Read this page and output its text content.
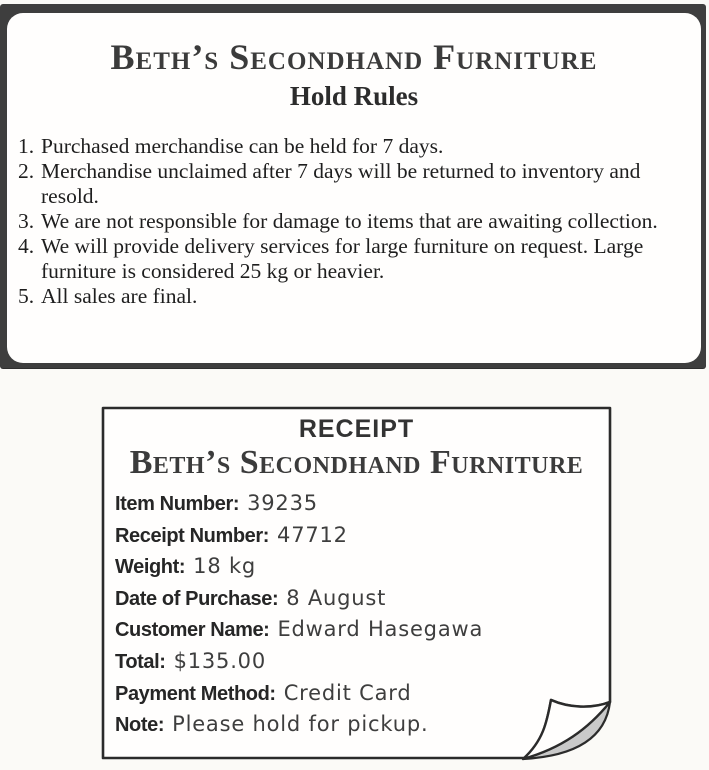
Beth’s Secondhand Furniture
Hold Rules
1. Purchased merchandise can be held for 7 days.
2. Merchandise unclaimed after 7 days will be returned to inventory and resold.
3. We are not responsible for damage to items that are awaiting collection.
4. We will provide delivery services for large furniture on request. Large furniture is considered 25 kg or heavier.
5. All sales are final.
RECEIPT
Beth’s Secondhand Furniture
Item Number: 39235
Receipt Number: 47712
Weight: 18 kg
Date of Purchase: 8 August
Customer Name: Edward Hasegawa
Total: $135.00
Payment Method: Credit Card
Note: Please hold for pickup.
